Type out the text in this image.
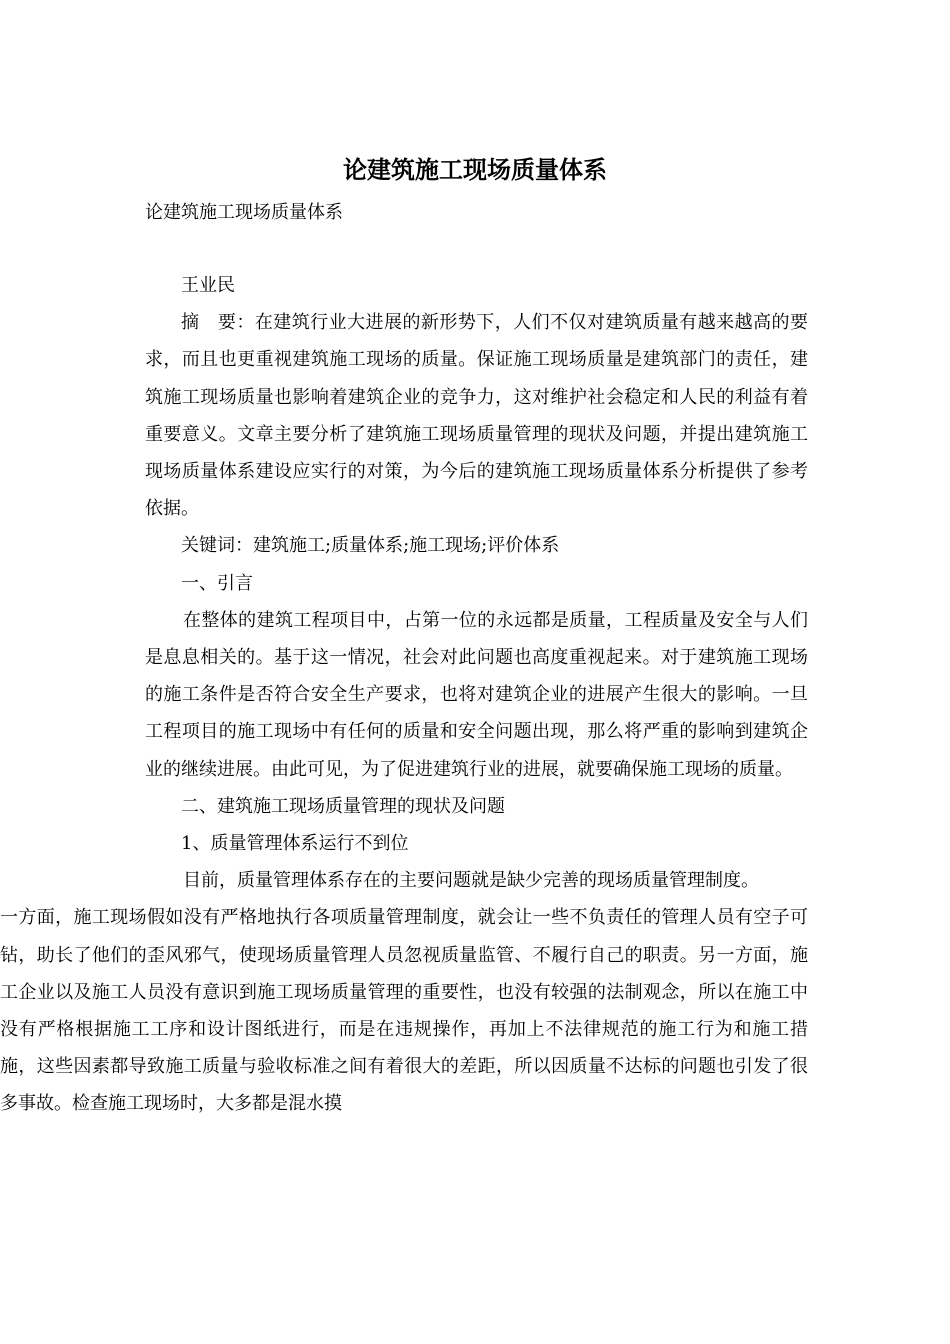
论建筑施工现场质量体系

论建筑施工现场质量体系

王业民

摘　要：在建筑行业大进展的新形势下，人们不仅对建筑质量有越来越高的要求，而且也更重视建筑施工现场的质量。保证施工现场质量是建筑部门的责任，建筑施工现场质量也影响着建筑企业的竞争力，这对维护社会稳定和人民的利益有着重要意义。文章主要分析了建筑施工现场质量管理的现状及问题，并提出建筑施工现场质量体系建设应实行的对策，为今后的建筑施工现场质量体系分析提供了参考依据。

关键词：建筑施工;质量体系;施工现场;评价体系

一、引言

在整体的建筑工程项目中，占第一位的永远都是质量，工程质量及安全与人们是息息相关的。基于这一情况，社会对此问题也高度重视起来。对于建筑施工现场的施工条件是否符合安全生产要求，也将对建筑企业的进展产生很大的影响。一旦工程项目的施工现场中有任何的质量和安全问题出现，那么将严重的影响到建筑企业的继续进展。由此可见，为了促进建筑行业的进展，就要确保施工现场的质量。

二、建筑施工现场质量管理的现状及问题

1、质量管理体系运行不到位

目前，质量管理体系存在的主要问题就是缺少完善的现场质量管理制度。

一方面，施工现场假如没有严格地执行各项质量管理制度，就会让一些不负责任的管理人员有空子可钻，助长了他们的歪风邪气，使现场质量管理人员忽视质量监管、不履行自己的职责。另一方面，施工企业以及施工人员没有意识到施工现场质量管理的重要性，也没有较强的法制观念，所以在施工中没有严格根据施工工序和设计图纸进行，而是在违规操作，再加上不法律规范的施工行为和施工措施，这些因素都导致施工质量与验收标准之间有着很大的差距，所以因质量不达标的问题也引发了很多事故。检查施工现场时，大多都是混水摸
